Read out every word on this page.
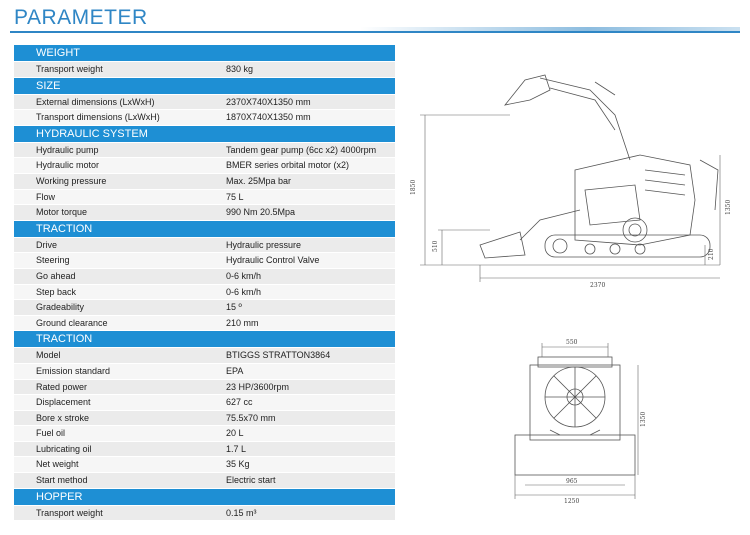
PARAMETER
WEIGHT
Transport weight	830 kg
SIZE
External dimensions (LxWxH)	2370X740X1350 mm
Transport dimensions (LxWxH)	1870X740X1350 mm
HYDRAULIC SYSTEM
Hydraulic pump	Tandem gear pump (6cc x2) 4000rpm
Hydraulic motor	BMER series orbital motor (x2)
Working pressure	Max. 25Mpa bar
Flow	75 L
Motor torque	990 Nm 20.5Mpa
TRACTION
Drive	Hydraulic pressure
Steering	Hydraulic Control Valve
Go ahead	0-6 km/h
Step back	0-6 km/h
Gradeability	15 º
Ground clearance	210 mm
TRACTION
Model	BTIGGS STRATTON3864
Emission standard	EPA
Rated power	23 HP/3600rpm
Displacement	627 cc
Bore x stroke	75.5x70 mm
Fuel oil	20 L
Lubricating oil	1.7 L
Net weight	35 Kg
Start method	Electric start
HOPPER
Transport weight	0.15 m³
1850
510
1350
210
2370
550
1350
965
1250
